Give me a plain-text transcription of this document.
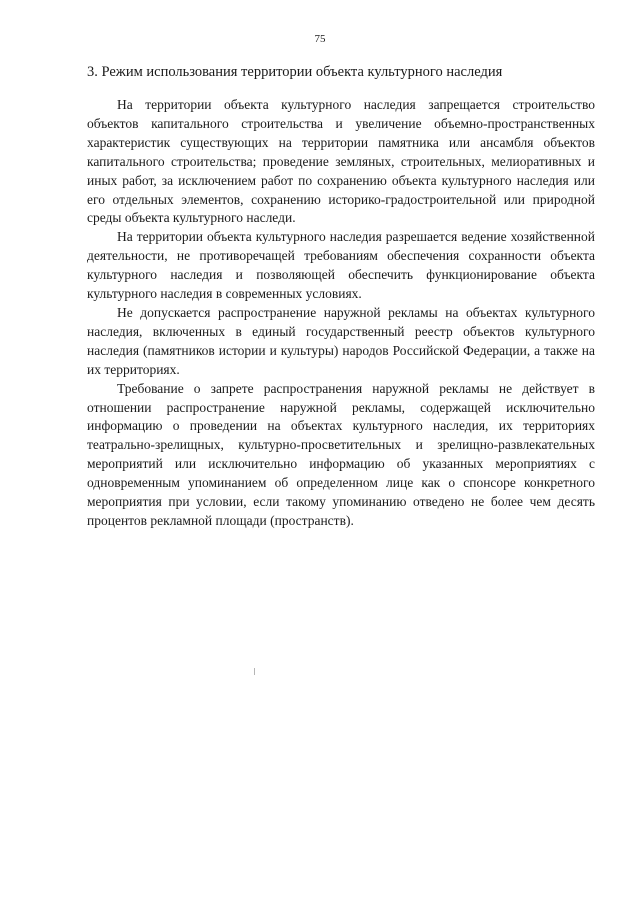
75
3. Режим использования территории объекта культурного наследия

На территории объекта культурного наследия запрещается строительство объектов капитального строительства и увеличение объемно-пространственных характеристик существующих на территории памятника или ансамбля объектов капитального строительства; проведение земляных, строительных, мелиоративных и иных работ, за исключением работ по сохранению объекта культурного наследия или его отдельных элементов, сохранению историко-градостроительной или природной среды объекта культурного наследи.

На территории объекта культурного наследия разрешается ведение хозяйственной деятельности, не противоречащей требованиям обеспечения сохранности объекта культурного наследия и позволяющей обеспечить функционирование объекта культурного наследия в современных условиях.

Не допускается распространение наружной рекламы на объектах культурного наследия, включенных в единый государственный реестр объектов культурного наследия (памятников истории и культуры) народов Российской Федерации, а также на их территориях.

Требование о запрете распространения наружной рекламы не действует в отношении распространение наружной рекламы, содержащей исключительно информацию о проведении на объектах культурного наследия, их территориях театрально-зрелищных, культурно-просветительных и зрелищно-развлекательных мероприятий или исключительно информацию об указанных мероприятиях с одновременным упоминанием об определенном лице как о спонсоре конкретного мероприятия при условии, если такому упоминанию отведено не более чем десять процентов рекламной площади (пространств).
